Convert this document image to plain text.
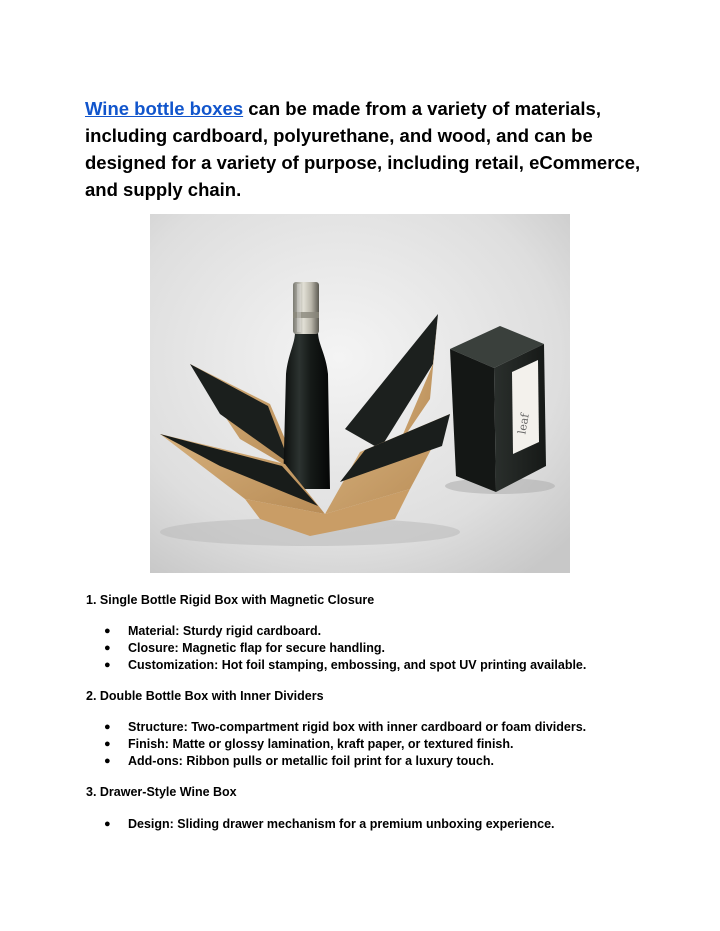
Wine bottle boxes can be made from a variety of materials, including cardboard, polyurethane, and wood, and can be designed for a variety of purpose, including retail, eCommerce, and supply chain.

leaf

1. Single Bottle Rigid Box with Magnetic Closure

● Material: Sturdy rigid cardboard.
● Closure: Magnetic flap for secure handling.
● Customization: Hot foil stamping, embossing, and spot UV printing available.

2. Double Bottle Box with Inner Dividers

● Structure: Two-compartment rigid box with inner cardboard or foam dividers.
● Finish: Matte or glossy lamination, kraft paper, or textured finish.
● Add-ons: Ribbon pulls or metallic foil print for a luxury touch.

3. Drawer-Style Wine Box

● Design: Sliding drawer mechanism for a premium unboxing experience.
